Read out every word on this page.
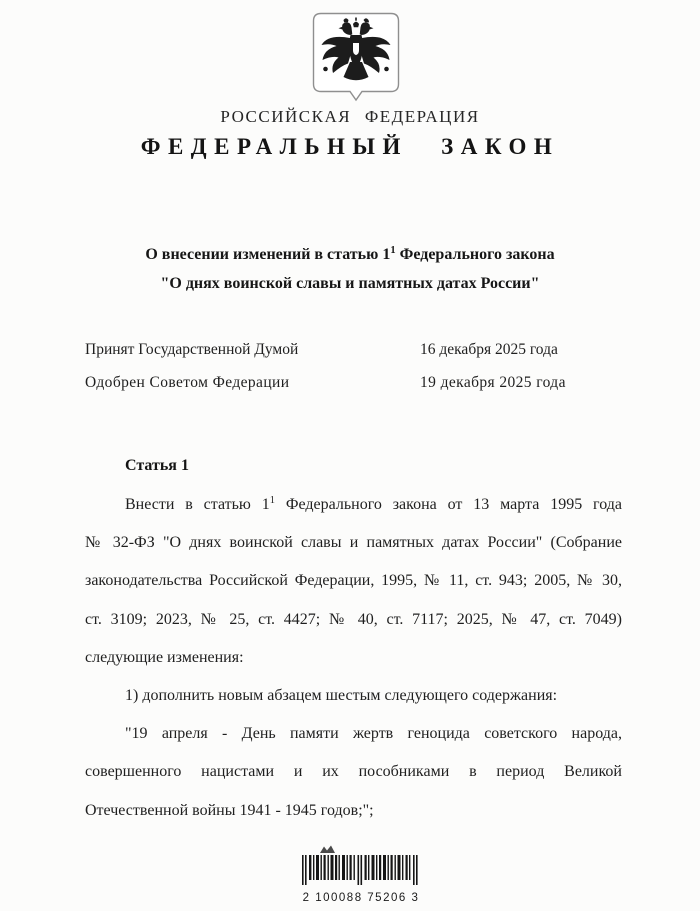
РОССИЙСКАЯ ФЕДЕРАЦИЯ
ФЕДЕРАЛЬНЫЙ ЗАКОН
О внесении изменений в статью $1^1$ Федерального закона
"О днях воинской славы и памятных датах России"
Принят Государственной Думой	16 декабря 2025 года
Одобрен Советом Федерации	19 декабря 2025 года
Статья 1
Внести в статью $1^1$ Федерального закона от 13 марта 1995 года
№ 32-ФЗ "О днях воинской славы и памятных датах России" (Собрание
законодательства Российской Федерации, 1995, № 11, ст. 943; 2005, № 30,
ст. 3109; 2023, № 25, ст. 4427; № 40, ст. 7117; 2025, № 47, ст. 7049)
следующие изменения:
1) дополнить новым абзацем шестым следующего содержания:
"19 апреля - День памяти жертв геноцида советского народа,
совершенного нацистами и их пособниками в период Великой
Отечественной войны 1941 - 1945 годов;";
2 100088 75206 3
